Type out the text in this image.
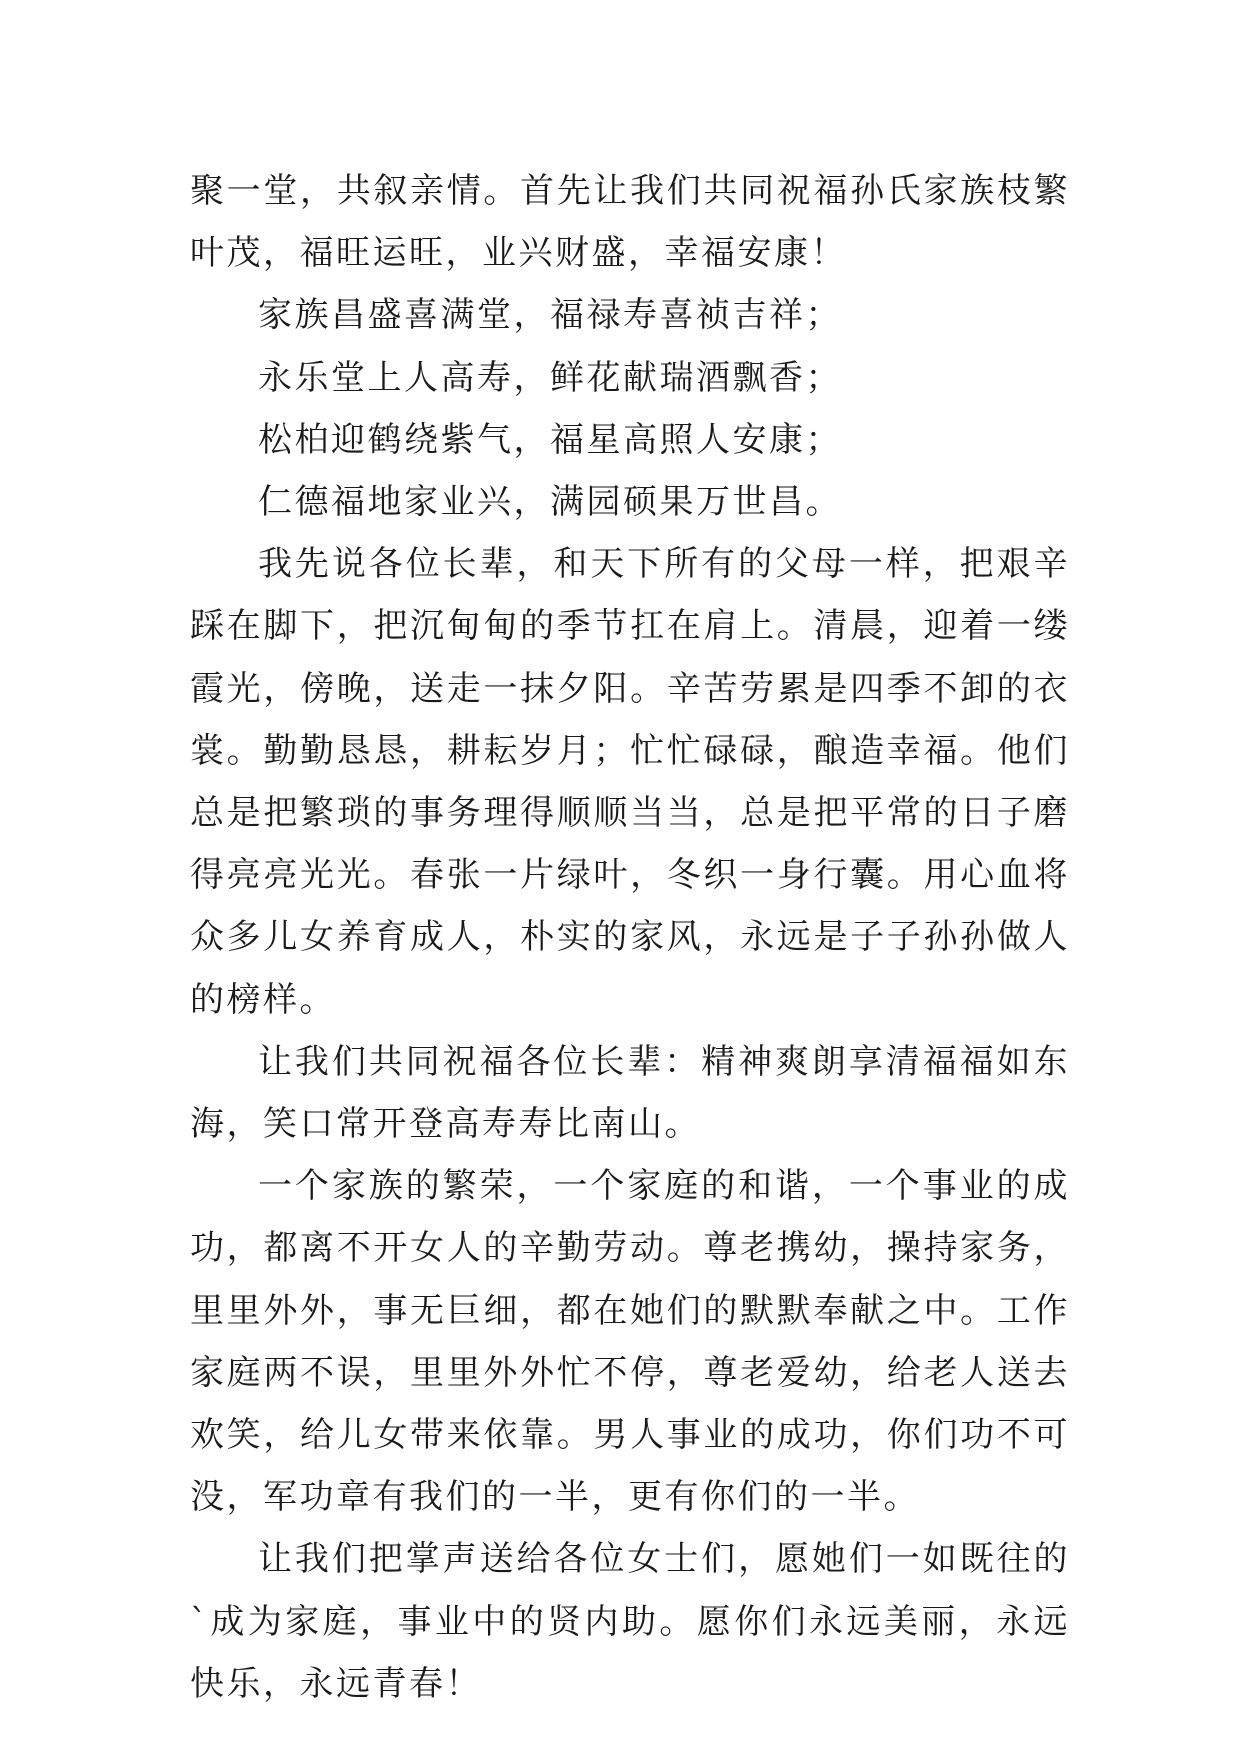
聚一堂，共叙亲情。首先让我们共同祝福孙氏家族枝繁叶茂，福旺运旺，业兴财盛，幸福安康！

家族昌盛喜满堂，福禄寿喜祯吉祥；

永乐堂上人高寿，鲜花献瑞酒飘香；

松柏迎鹤绕紫气，福星高照人安康；

仁德福地家业兴，满园硕果万世昌。

我先说各位长辈，和天下所有的父母一样，把艰辛踩在脚下，把沉甸甸的季节扛在肩上。清晨，迎着一缕霞光，傍晚，送走一抹夕阳。辛苦劳累是四季不卸的衣裳。勤勤恳恳，耕耘岁月；忙忙碌碌，酿造幸福。他们总是把繁琐的事务理得顺顺当当，总是把平常的日子磨得亮亮光光。春张一片绿叶，冬织一身行囊。用心血将众多儿女养育成人，朴实的家风，永远是子子孙孙做人的榜样。

让我们共同祝福各位长辈：精神爽朗享清福福如东海，笑口常开登高寿寿比南山。

一个家族的繁荣，一个家庭的和谐，一个事业的成功，都离不开女人的辛勤劳动。尊老携幼，操持家务，里里外外，事无巨细，都在她们的默默奉献之中。工作家庭两不误，里里外外忙不停，尊老爱幼，给老人送去欢笑，给儿女带来依靠。男人事业的成功，你们功不可没，军功章有我们的一半，更有你们的一半。

让我们把掌声送给各位女士们，愿她们一如既往的`成为家庭，事业中的贤内助。愿你们永远美丽，永远快乐，永远青春！
